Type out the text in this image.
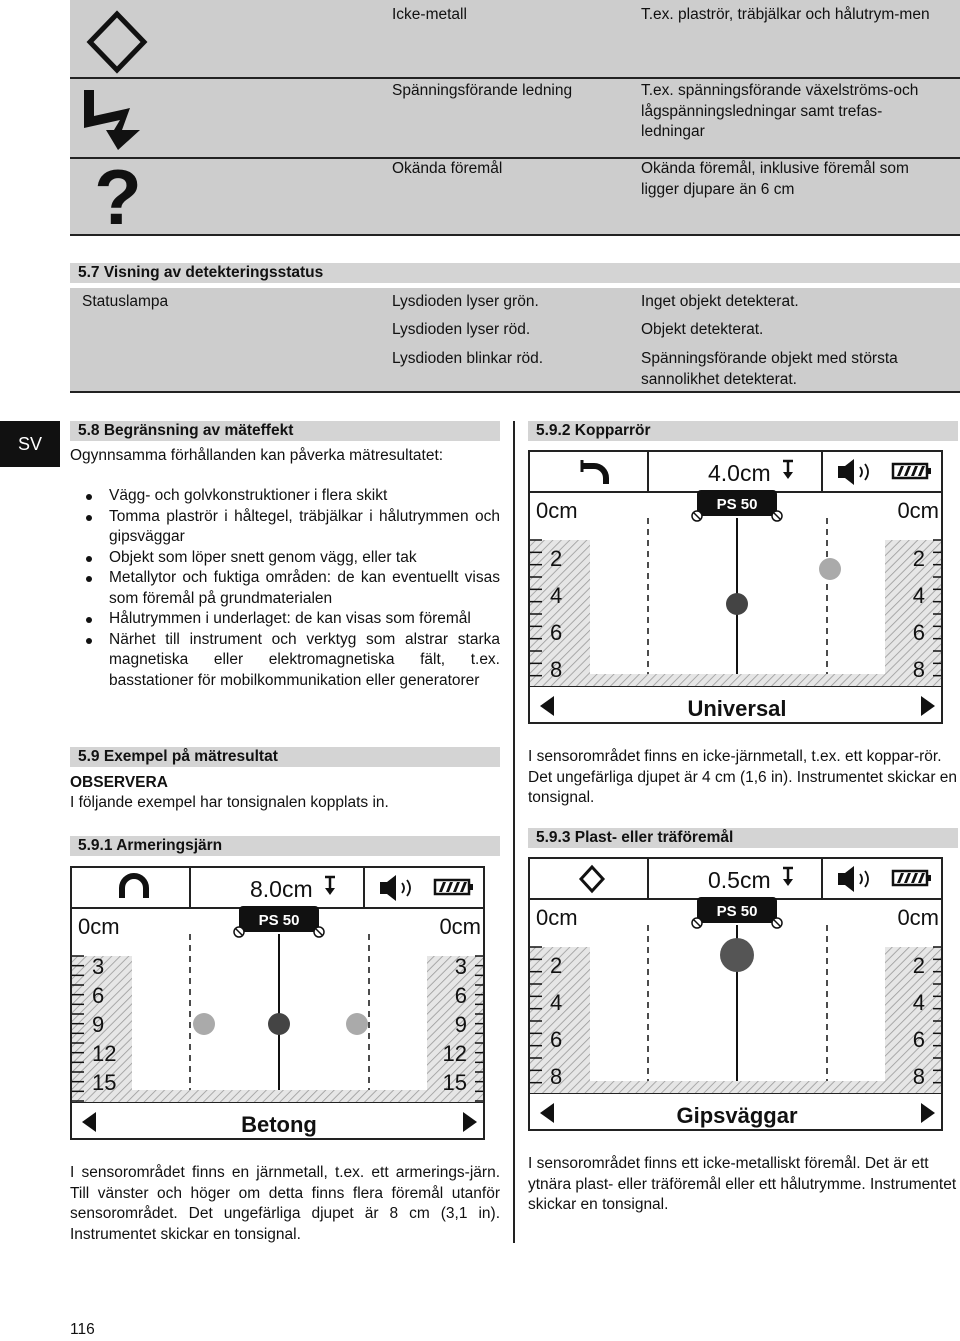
?
Icke-metall	T.ex. plaströr, träbjälkar och hålutrym-men
Spänningsförande ledning	T.ex. spänningsförande växelströms-och lågspänningsledningar samt trefas-ledningar
Okända föremål	Okända föremål, inklusive föremål som ligger djupare än 6 cm
5.7 Visning av detekteringsstatus
Statuslampa	Lysdioden lyser grön.	Inget objekt detekterat.
Lysdioden lyser röd.	Objekt detekterat.
Lysdioden blinkar röd.	Spänningsförande objekt med största sannolikhet detekterat.
SV
5.8 Begränsning av mäteffekt
Ogynnsamma förhållanden kan påverka mätresultatet:
Vägg- och golvkonstruktioner i flera skikt
Tomma plaströr i håltegel, träbjälkar i hålutrymmen och gipsväggar
Objekt som löper snett genom vägg, eller tak
Metallytor och fuktiga områden: de kan eventuellt visas som föremål på grundmaterialen
Hålutrymmen i underlaget: de kan visas som föremål
Närhet till instrument och verktyg som alstrar starka magnetiska eller elektromagnetiska fält, t.ex. basstationer för mobilkommunikation eller generatorer
5.9 Exempel på mätresultat
OBSERVERA
I följande exempel har tonsignalen kopplats in.
5.9.1 Armeringsjärn
8.0cm
Betong
PS 50
0cm	0cm
3	3
6	6
9	9
12	12
15	15
I sensorområdet finns en järnmetall, t.ex. ett armerings-järn. Till vänster och höger om detta finns flera föremål utanför sensorområdet. Det ungefärliga djupet är 8 cm (3,1 in). Instrumentet skickar en tonsignal.
5.9.2 Kopparrör
4.0cm
Universal
PS 50
0cm	0cm
2	2
4	4
6	6
8	8
I sensorområdet finns en icke-järnmetall, t.ex. ett koppar-rör. Det ungefärliga djupet är 4 cm (1,6 in). Instrumentet skickar en tonsignal.
5.9.3 Plast- eller träföremål
0.5cm
Gipsväggar
PS 50
0cm	0cm
2	2
4	4
6	6
8	8
I sensorområdet finns ett icke-metalliskt föremål. Det är ett ytnära plast- eller träföremål eller ett hålutrymme. Instrumentet skickar en tonsignal.
116
